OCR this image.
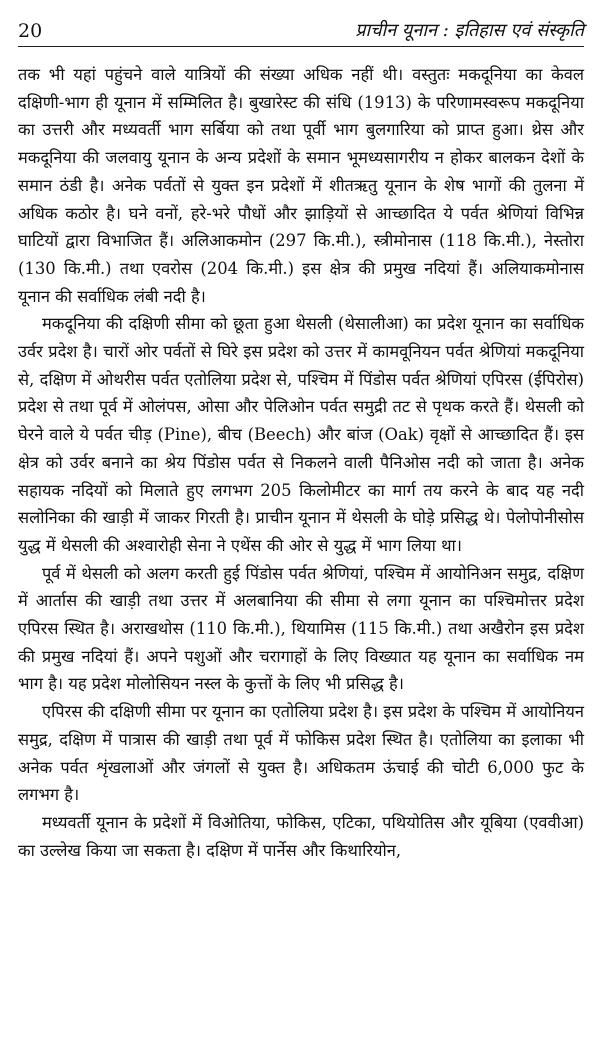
20	प्राचीन यूनान : इतिहास एवं संस्कृति

तक भी यहां पहुंचने वाले यात्रियों की संख्या अधिक नहीं थी। वस्तुतः मकदूनिया का केवल दक्षिणी-भाग ही यूनान में सम्मिलित है। बुखारेस्ट की संधि (1913) के परिणामस्वरूप मकदूनिया का उत्तरी और मध्यवर्ती भाग सर्बिया को तथा पूर्वी भाग बुलगारिया को प्राप्त हुआ। थ्रेस और मकदूनिया की जलवायु यूनान के अन्य प्रदेशों के समान भूमध्यसागरीय न होकर बालकन देशों के समान ठंडी है। अनेक पर्वतों से युक्त इन प्रदेशों में शीतऋतु यूनान के शेष भागों की तुलना में अधिक कठोर है। घने वनों, हरे-भरे पौधों और झाड़ियों से आच्छादित ये पर्वत श्रेणियां विभिन्न घाटियों द्वारा विभाजित हैं। अलिआकमोन (297 कि.मी.), स्त्रीमोनास (118 कि.मी.), नेस्तोरा (130 कि.मी.) तथा एवरोस (204 कि.मी.) इस क्षेत्र की प्रमुख नदियां हैं। अलियाकमोनास यूनान की सर्वाधिक लंबी नदी है।

मकदूनिया की दक्षिणी सीमा को छूता हुआ थेसली (थेसालीआ) का प्रदेश यूनान का सर्वाधिक उर्वर प्रदेश है। चारों ओर पर्वतों से घिरे इस प्रदेश को उत्तर में कामवूनियन पर्वत श्रेणियां मकदूनिया से, दक्षिण में ओथरीस पर्वत एतोलिया प्रदेश से, पश्चिम में पिंडोस पर्वत श्रेणियां एपिरस (ईपिरोस) प्रदेश से तथा पूर्व में ओलंपस, ओसा और पेलिओन पर्वत समुद्री तट से पृथक करते हैं। थेसली को घेरने वाले ये पर्वत चीड़ (Pine), बीच (Beech) और बांज (Oak) वृक्षों से आच्छादित हैं। इस क्षेत्र को उर्वर बनाने का श्रेय पिंडोस पर्वत से निकलने वाली पैनिओस नदी को जाता है। अनेक सहायक नदियों को मिलाते हुए लगभग 205 किलोमीटर का मार्ग तय करने के बाद यह नदी सलोनिका की खाड़ी में जाकर गिरती है। प्राचीन यूनान में थेसली के घोड़े प्रसिद्ध थे। पेलोपोनीसोस युद्ध में थेसली की अश्वारोही सेना ने एथेंस की ओर से युद्ध में भाग लिया था।

पूर्व में थेसली को अलग करती हुई पिंडोस पर्वत श्रेणियां, पश्चिम में आयोनिअन समुद्र, दक्षिण में आर्तास की खाड़ी तथा उत्तर में अलबानिया की सीमा से लगा यूनान का पश्चिमोत्तर प्रदेश एपिरस स्थित है। अराखथोस (110 कि.मी.), थियामिस (115 कि.मी.) तथा अखैरोन इस प्रदेश की प्रमुख नदियां हैं। अपने पशुओं और चरागाहों के लिए विख्यात यह यूनान का सर्वाधिक नम भाग है। यह प्रदेश मोलोसियन नस्ल के कुत्तों के लिए भी प्रसिद्ध है।

एपिरस की दक्षिणी सीमा पर यूनान का एतोलिया प्रदेश है। इस प्रदेश के पश्चिम में आयोनियन समुद्र, दक्षिण में पात्रास की खाड़ी तथा पूर्व में फोकिस प्रदेश स्थित है। एतोलिया का इलाका भी अनेक पर्वत शृंखलाओं और जंगलों से युक्त है। अधिकतम ऊंचाई की चोटी 6,000 फुट के लगभग है।

मध्यवर्ती यूनान के प्रदेशों में विओतिया, फोकिस, एटिका, पथियोतिस और यूबिया (एववीआ) का उल्लेख किया जा सकता है। दक्षिण में पार्नेस और किथारियोन,
